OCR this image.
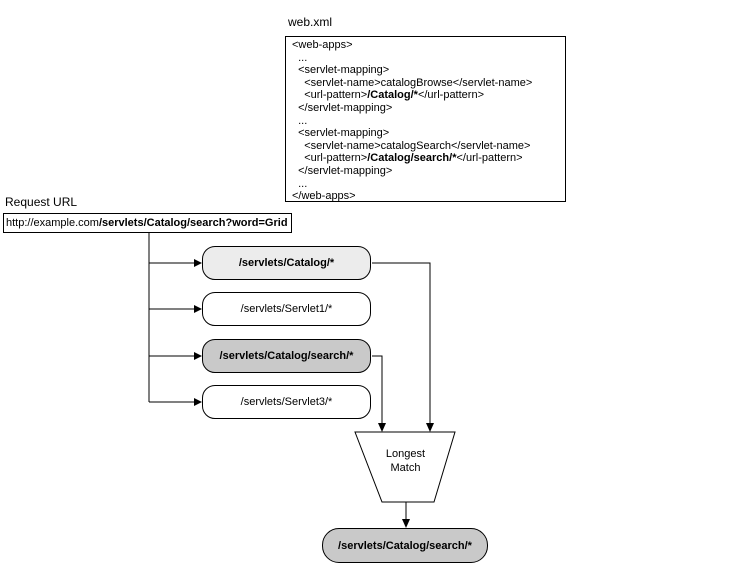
web.xml
<web-apps>
...
<servlet-mapping>
<servlet-name>catalogBrowse</servlet-name>
<url-pattern>/Catalog/*</url-pattern>
</servlet-mapping>
...
<servlet-mapping>
<servlet-name>catalogSearch</servlet-name>
<url-pattern>/Catalog/search/*</url-pattern>
</servlet-mapping>
...
</web-apps>
Request URL
http://example.com/servlets/Catalog/search?word=Grid
/servlets/Catalog/*
/servlets/Servlet1/*
/servlets/Catalog/search/*
/servlets/Servlet3/*
Longest
Match
/servlets/Catalog/search/*
